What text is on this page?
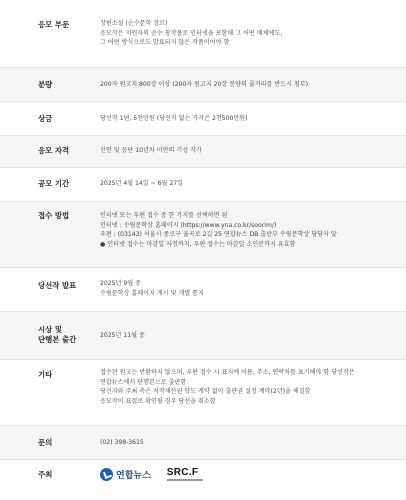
응모 부문	장편소설 (순수문학 장르)
응모작은 지원자의 순수 창작물로 인터넷을 포함해 그 어떤 매체에도,
그 어떤 방식으로도 발표되지 않은 작품이어야 함
분량	200자 원고지 800장 이상 (200자 원고지 20장 분량의 줄거리를 반드시 첨부)
상금	당선작 1편, 5천만원 (당선작 없는 가작은 2천500만원)
응모 자격	신인 및 등단 10년차 미만의 기성 작가
공모 기간	2025년 4월 14일 ~ 6월 27일
접수 방법	인터넷 또는 우편 접수 중 한 가지를 선택하면 됨
인터넷 : 수림문학상 홈페이지 (https://www.yna.co.kr/soorim/)
우편 : (03143) 서울시 종로구 율곡로 2길 25 연합뉴스 DB.출판부 수림문학상 담당자 앞
● 인터넷 접수는 마감일 자정까지, 우편 접수는 마감일 소인분까지 유효함
당선작 발표	2025년 9월 중
수림문학상 홈페이지 게시 및 개별 통지
시상 및
단행본 출간	2025년 11월 중
기타	접수된 원고는 반환하지 않으며, 우편 접수 시 표지에 이름, 주소, 연락처를 표기해야 함 당선작은
연합뉴스에서 단행본으로 출판함
당선자와 주최 측은 저작재산권 양도 계약 없이 출판권 설정 계약(2년)을 체결함
응모작이 표절로 확인될 경우 당선을 취소함
문의	(02) 398-3615
주최	연합뉴스 SRC.F
